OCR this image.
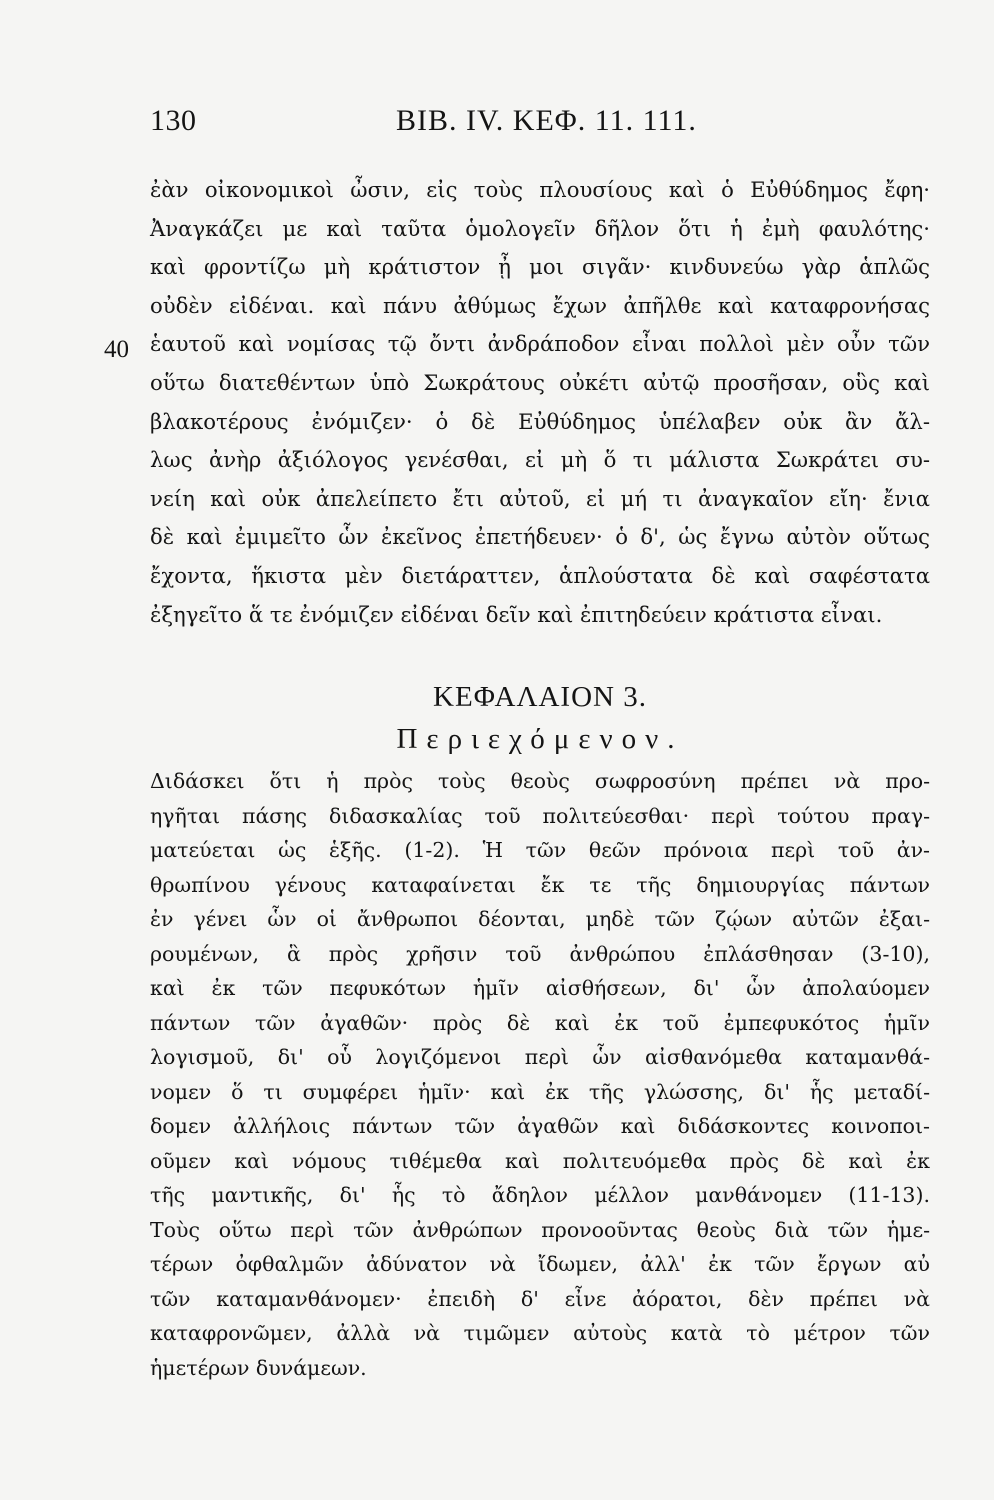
130	ΒΙΒ. ΙV. ΚΕΦ. 11. 111.
40
ἐὰν οἰκονομικοὶ ὦσιν, εἰς τοὺς πλουσίους καὶ ὁ Εὐθύδημος ἔφη·
Ἀναγκάζει με καὶ ταῦτα ὁμολογεῖν δῆλον ὅτι ἡ ἐμὴ φαυλότης·
καὶ φροντίζω μὴ κράτιστον ᾖ μοι σιγᾶν· κινδυνεύω γὰρ ἁπλῶς
οὐδὲν εἰδέναι. καὶ πάνυ ἀθύμως ἔχων ἀπῆλθε καὶ καταφρονήσας
ἑαυτοῦ καὶ νομίσας τῷ ὄντι ἀνδράποδον εἶναι πολλοὶ μὲν οὖν τῶν
οὕτω διατεθέντων ὑπὸ Σωκράτους οὐκέτι αὐτῷ προσῆσαν, οὓς καὶ
βλακοτέρους ἐνόμιζεν· ὁ δὲ Εὐθύδημος ὑπέλαβεν οὐκ ἂν ἄλ-
λως ἀνὴρ ἀξιόλογος γενέσθαι, εἰ μὴ ὅ τι μάλιστα Σωκράτει συ-
νείη καὶ οὐκ ἀπελείπετο ἔτι αὐτοῦ, εἰ μή τι ἀναγκαῖον εἴη· ἔνια
δὲ καὶ ἐμιμεῖτο ὧν ἐκεῖνος ἐπετήδευεν· ὁ δ', ὡς ἔγνω αὐτὸν οὕτως
ἔχοντα, ἥκιστα μὲν διετάραττεν, ἁπλούστατα δὲ καὶ σαφέστατα
ἐξηγεῖτο ἅ τε ἐνόμιζεν εἰδέναι δεῖν καὶ ἐπιτηδεύειν κράτιστα εἶναι.
ΚΕΦΑΛΑΙΟΝ 3.
Περιεχόμενον.
Διδάσκει ὅτι ἡ πρὸς τοὺς θεοὺς σωφροσύνη πρέπει νὰ προ-
ηγῆται πάσης διδασκαλίας τοῦ πολιτεύεσθαι· περὶ τούτου πραγ-
ματεύεται ὡς ἑξῆς. (1-2). Ἡ τῶν θεῶν πρόνοια περὶ τοῦ ἀν-
θρωπίνου γένους καταφαίνεται ἔκ τε τῆς δημιουργίας πάντων
ἐν γένει ὧν οἱ ἄνθρωποι δέονται, μηδὲ τῶν ζῴων αὐτῶν ἐξαι-
ρουμένων, ἃ πρὸς χρῆσιν τοῦ ἀνθρώπου ἐπλάσθησαν (3-10),
καὶ ἐκ τῶν πεφυκότων ἡμῖν αἰσθήσεων, δι' ὧν ἀπολαύομεν
πάντων τῶν ἀγαθῶν· πρὸς δὲ καὶ ἐκ τοῦ ἐμπεφυκότος ἡμῖν
λογισμοῦ, δι' οὗ λογιζόμενοι περὶ ὧν αἰσθανόμεθα καταμανθά-
νομεν ὅ τι συμφέρει ἡμῖν· καὶ ἐκ τῆς γλώσσης, δι' ἧς μεταδί-
δομεν ἀλλήλοις πάντων τῶν ἀγαθῶν καὶ διδάσκοντες κοινοποι-
οῦμεν καὶ νόμους τιθέμεθα καὶ πολιτευόμεθα πρὸς δὲ καὶ ἐκ
τῆς μαντικῆς, δι' ἧς τὸ ἄδηλον μέλλον μανθάνομεν (11-13).
Τοὺς οὕτω περὶ τῶν ἀνθρώπων προνοοῦντας θεοὺς διὰ τῶν ἡμε-
τέρων ὀφθαλμῶν ἀδύνατον νὰ ἴδωμεν, ἀλλ' ἐκ τῶν ἔργων αὐ
τῶν καταμανθάνομεν· ἐπειδὴ δ' εἶνε ἀόρατοι, δὲν πρέπει νὰ
καταφρονῶμεν, ἀλλὰ νὰ τιμῶμεν αὐτοὺς κατὰ τὸ μέτρον τῶν
ἡμετέρων δυνάμεων.
